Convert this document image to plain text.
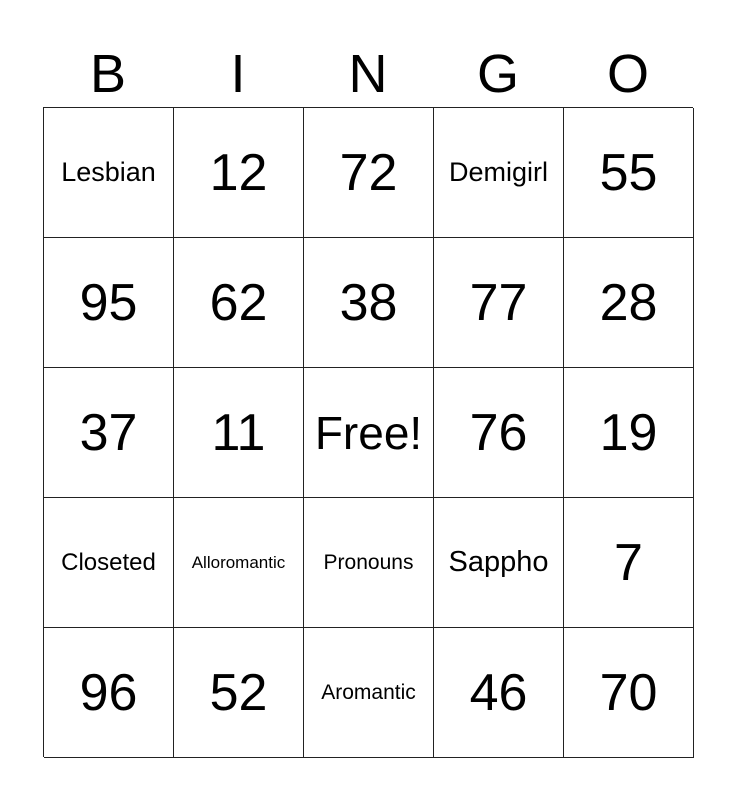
B	I	N	G	O
Lesbian	12	72	Demigirl 55
95	62	38	77	28
37	11	Free! 76	19
Closeted	Alloromantic	Pronouns	Sappho	7
96	52	Aromantic	46	70
